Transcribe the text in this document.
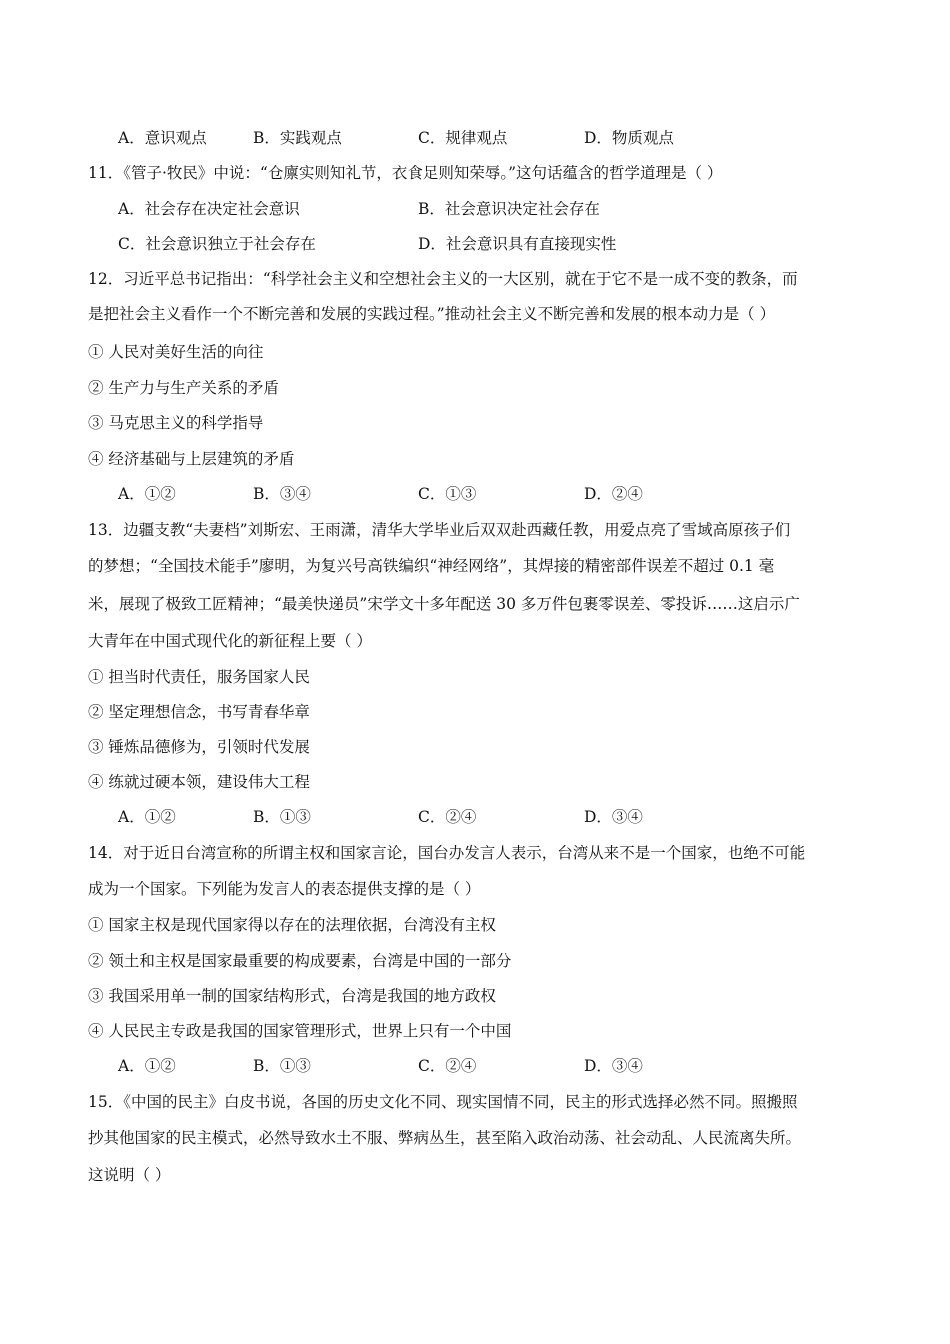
A．意识观点	B．实践观点	C．规律观点	D．物质观点
11．《管子·牧民》中说：“仓廪实则知礼节，衣食足则知荣辱。”这句话蕴含的哲学道理是（ ）
A．社会存在决定社会意识	B．社会意识决定社会存在
C．社会意识独立于社会存在	D．社会意识具有直接现实性
12．习近平总书记指出：“科学社会主义和空想社会主义的一大区别，就在于它不是一成不变的教条，而
是把社会主义看作一个不断完善和发展的实践过程。”推动社会主义不断完善和发展的根本动力是（ ）
① 人民对美好生活的向往
② 生产力与生产关系的矛盾
③ 马克思主义的科学指导
④ 经济基础与上层建筑的矛盾
A．①②	B．③④	C．①③	D．②④
13．边疆支教“夫妻档”刘斯宏、王雨潇，清华大学毕业后双双赴西藏任教，用爱点亮了雪域高原孩子们
的梦想；“全国技术能手”廖明，为复兴号高铁编织“神经网络”，其焊接的精密部件误差不超过 0.1 毫
米，展现了极致工匠精神；“最美快递员”宋学文十多年配送 30 多万件包裹零误差、零投诉……这启示广
大青年在中国式现代化的新征程上要（ ）
① 担当时代责任，服务国家人民
② 坚定理想信念，书写青春华章
③ 锤炼品德修为，引领时代发展
④ 练就过硬本领，建设伟大工程
A．①②	B．①③	C．②④	D．③④
14．对于近日台湾宣称的所谓主权和国家言论，国台办发言人表示，台湾从来不是一个国家，也绝不可能
成为一个国家。下列能为发言人的表态提供支撑的是（ ）
① 国家主权是现代国家得以存在的法理依据，台湾没有主权
② 领土和主权是国家最重要的构成要素，台湾是中国的一部分
③ 我国采用单一制的国家结构形式，台湾是我国的地方政权
④ 人民民主专政是我国的国家管理形式，世界上只有一个中国
A．①②	B．①③	C．②④	D．③④
15．《中国的民主》白皮书说，各国的历史文化不同、现实国情不同，民主的形式选择必然不同。照搬照
抄其他国家的民主模式，必然导致水土不服、弊病丛生，甚至陷入政治动荡、社会动乱、人民流离失所。
这说明（ ）
